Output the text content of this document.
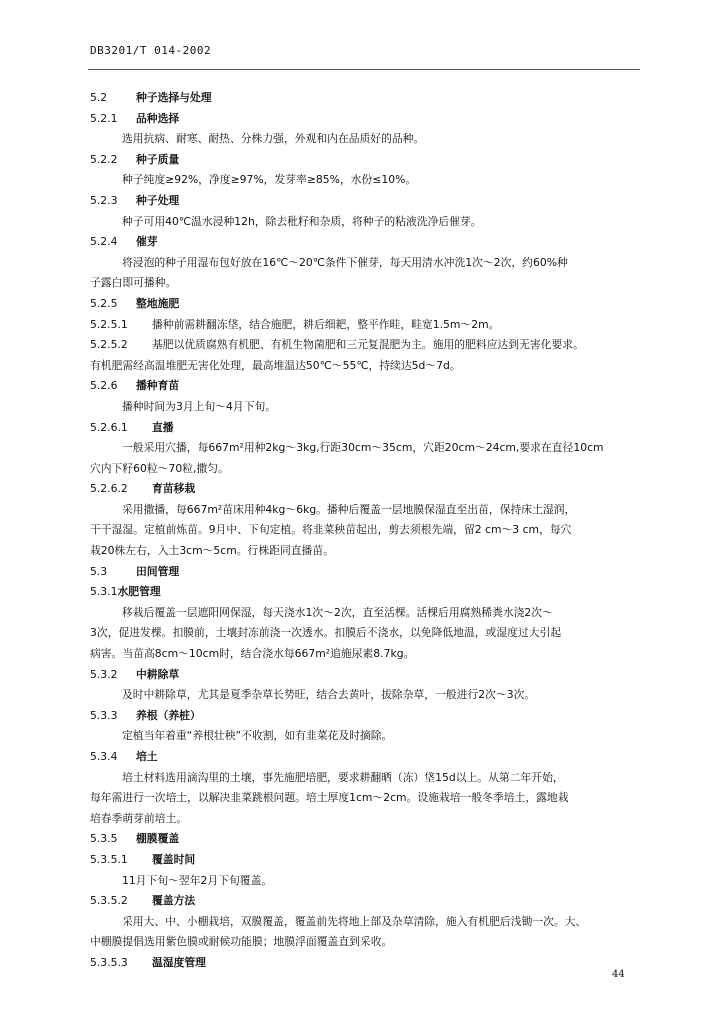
DB3201/T 014-2002

5.2	种子选择与处理

5.2.1 品种选择

选用抗病、耐寒、耐热、分株力强，外观和内在品质好的品种。

5.2.2 种子质量

种子纯度≥92%，净度≥97%，发芽率≥85%，水份≤10%。

5.2.3 种子处理

种子可用40℃温水浸种12h，除去秕籽和杂质，将种子的粘液洗净后催芽。

5.2.4 催芽

将浸泡的种子用湿布包好放在16℃～20℃条件下催芽，每天用清水冲洗1次～2次，约60%种

子露白即可播种。

5.2.5 整地施肥

5.2.5.1 播种前需耕翻冻垡，结合施肥，耕后细耙，整平作畦，畦宽1.5m～2m。

5.2.5.2 基肥以优质腐熟有机肥、有机生物菌肥和三元复混肥为主。施用的肥料应达到无害化要求。

有机肥需经高温堆肥无害化处理，最高堆温达50℃～55℃，持续达5d～7d。

5.2.6 播种育苗

播种时间为3月上旬～4月下旬。

5.2.6.1 直播

一般采用穴播，每667m²用种2kg～3kg,行距30cm～35cm，穴距20cm～24cm,要求在直径10cm

穴内下籽60粒～70粒,撒匀。

5.2.6.2 育苗移栽

采用撒播，每667m²苗床用种4kg～6kg。播种后覆盖一层地膜保湿直至出苗，保持床土湿润，

干干湿湿。定植前炼苗。9月中、下旬定植。将韭菜秧苗起出，剪去须根先端，留2 cm～3 cm，每穴

栽20株左右，入土3cm～5cm。行株距同直播苗。

5.3	田间管理

5.3.1水肥管理

移栽后覆盖一层遮阳网保湿，每天浇水1次～2次，直至活棵。活棵后用腐熟稀粪水浇2次～

3次，促进发棵。扣膜前，土壤封冻前浇一次透水。扣膜后不浇水，以免降低地温，或湿度过大引起

病害。当苗高8cm～10cm时，结合浇水每667m²追施尿素8.7kg。

5.3.2 中耕除草

及时中耕除草，尤其是夏季杂草长势旺，结合去黄叶，拔除杂草，一般进行2次～3次。

5.3.3 养根（养桩）

定植当年着重“养根壮秧”不收割，如有韭菜花及时摘除。

5.3.4 培土

培土材料选用滴沟里的土壤，事先施肥培肥，要求耕翻晒（冻）垡15d以上。从第二年开始，

每年需进行一次培土，以解决韭菜跳根问题。培土厚度1cm～2cm。设施栽培一般冬季培土，露地栽

培春季萌芽前培土。

5.3.5 棚膜覆盖

5.3.5.1 覆盖时间

11月下旬～翌年2月下旬覆盖。

5.3.5.2 覆盖方法

采用大、中、小棚栽培，双膜覆盖，覆盖前先将地上部及杂草清除，施入有机肥后浅锄一次。大、

中棚膜提倡选用紫色膜或耐候功能膜；地膜浮面覆盖直到采收。

5.3.5.3 温湿度管理

44
